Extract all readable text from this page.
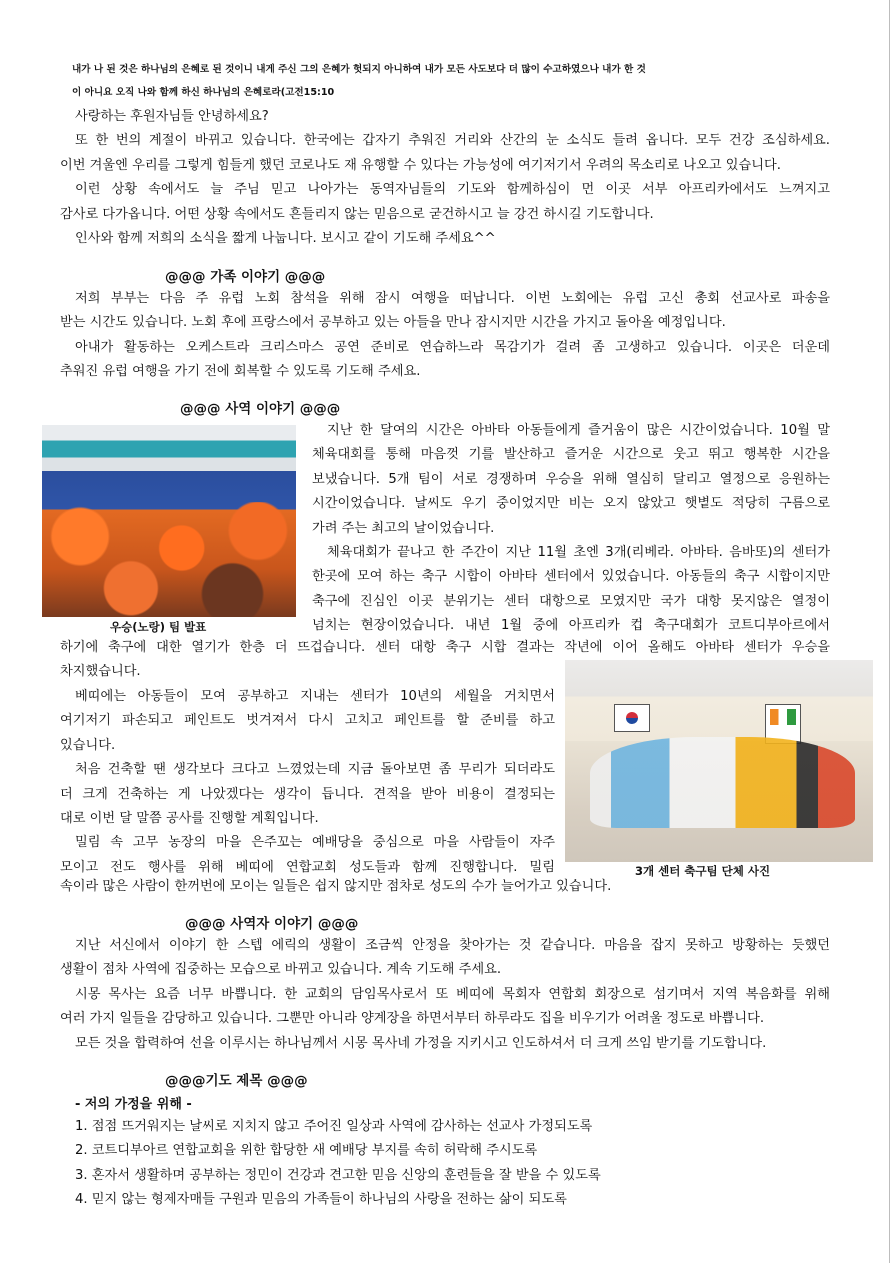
내가 나 된 것은 하나님의 은혜로 된 것이니 내게 주신 그의 은혜가 헛되지 아니하여 내가 모든 사도보다 더 많이 수고하였으나 내가 한 것
이 아니요 오직 나와 함께 하신 하나님의 은혜로라(고전15:10
사랑하는 후원자님들 안녕하세요?
또 한 번의 계절이 바뀌고 있습니다. 한국에는 갑자기 추워진 거리와 산간의 눈 소식도 들려 옵니다. 모두 건강 조심하세요.
이번 겨울엔 우리를 그렇게 힘들게 했던 코로나도 재 유행할 수 있다는 가능성에 여기저기서 우려의 목소리로 나오고 있습니다.
이런 상황 속에서도 늘 주님 믿고 나아가는 동역자님들의 기도와 함께하심이 먼 이곳 서부 아프리카에서도 느껴지고
감사로 다가옵니다. 어떤 상황 속에서도 흔들리지 않는 믿음으로 굳건하시고 늘 강건 하시길 기도합니다.
인사와 함께 저희의 소식을 짧게 나눕니다. 보시고 같이 기도해 주세요^^
@@@ 가족 이야기 @@@
저희 부부는 다음 주 유럽 노회 참석을 위해 잠시 여행을 떠납니다. 이번 노회에는 유럽 고신 총회 선교사로 파송을
받는 시간도 있습니다. 노회 후에 프랑스에서 공부하고 있는 아들을 만나 잠시지만 시간을 가지고 돌아올 예정입니다.
아내가 활동하는 오케스트라 크리스마스 공연 준비로 연습하느라 목감기가 걸려 좀 고생하고 있습니다. 이곳은 더운데
추워진 유럽 여행을 가기 전에 회복할 수 있도록 기도해 주세요.
@@@ 사역 이야기 @@@
우승(노랑) 팀 발표
지난 한 달여의 시간은 아바타 아동들에게 즐거움이 많은 시간이었습니다. 10월 말
체육대회를 통해 마음껏 기를 발산하고 즐거운 시간으로 웃고 뛰고 행복한 시간을
보냈습니다. 5개 팀이 서로 경쟁하며 우승을 위해 열심히 달리고 열정으로 응원하는
시간이었습니다. 날씨도 우기 중이었지만 비는 오지 않았고 햇볕도 적당히 구름으로
가려 주는 최고의 날이었습니다.
체육대회가 끝나고 한 주간이 지난 11월 초엔 3개(리베라. 아바타. 음바또)의 센터가
한곳에 모여 하는 축구 시합이 아바타 센터에서 있었습니다. 아동들의 축구 시합이지만
축구에 진심인 이곳 분위기는 센터 대항으로 모였지만 국가 대항 못지않은 열정이
넘치는 현장이었습니다. 내년 1월 중에 아프리카 컵 축구대회가 코트디부아르에서
하기에 축구에 대한 열기가 한층 더 뜨겁습니다. 센터 대항 축구 시합 결과는 작년에 이어 올해도 아바타 센터가 우승을
차지했습니다.
3개 센터 축구팀 단체 사진
베띠에는 아동들이 모여 공부하고 지내는 센터가 10년의 세월을 거치면서
여기저기 파손되고 페인트도 벗겨져서 다시 고치고 페인트를 할 준비를 하고
있습니다.
처음 건축할 땐 생각보다 크다고 느꼈었는데 지금 돌아보면 좀 무리가 되더라도
더 크게 건축하는 게 나았겠다는 생각이 듭니다. 견적을 받아 비용이 결정되는
대로 이번 달 말쯤 공사를 진행할 계획입니다.
밀림 속 고무 농장의 마을 은주꼬는 예배당을 중심으로 마을 사람들이 자주
모이고 전도 행사를 위해 베띠에 연합교회 성도들과 함께 진행합니다. 밀림
속이라 많은 사람이 한꺼번에 모이는 일들은 쉽지 않지만 점차로 성도의 수가 늘어가고 있습니다.
@@@ 사역자 이야기 @@@
지난 서신에서 이야기 한 스텝 에릭의 생활이 조금씩 안정을 찾아가는 것 같습니다. 마음을 잡지 못하고 방황하는 듯했던
생활이 점차 사역에 집중하는 모습으로 바뀌고 있습니다. 계속 기도해 주세요.
시몽 목사는 요즘 너무 바쁩니다. 한 교회의 담임목사로서 또 베띠에 목회자 연합회 회장으로 섬기며서 지역 복음화를 위해
여러 가지 일들을 감당하고 있습니다. 그뿐만 아니라 양계장을 하면서부터 하루라도 집을 비우기가 어려울 정도로 바쁩니다.
모든 것을 합력하여 선을 이루시는 하나님께서 시몽 목사네 가정을 지키시고 인도하셔서 더 크게 쓰임 받기를 기도합니다.
@@@기도 제목 @@@
- 저의 가정을 위해 -
1. 점점 뜨거워지는 날씨로 지치지 않고 주어진 일상과 사역에 감사하는 선교사 가정되도록
2. 코트디부아르 연합교회을 위한 합당한 새 예배당 부지를 속히 허락해 주시도록
3. 혼자서 생활하며 공부하는 정민이 건강과 견고한 믿음 신앙의 훈련들을 잘 받을 수 있도록
4. 믿지 않는 형제자매들 구원과 믿음의 가족들이 하나님의 사랑을 전하는 삶이 되도록
